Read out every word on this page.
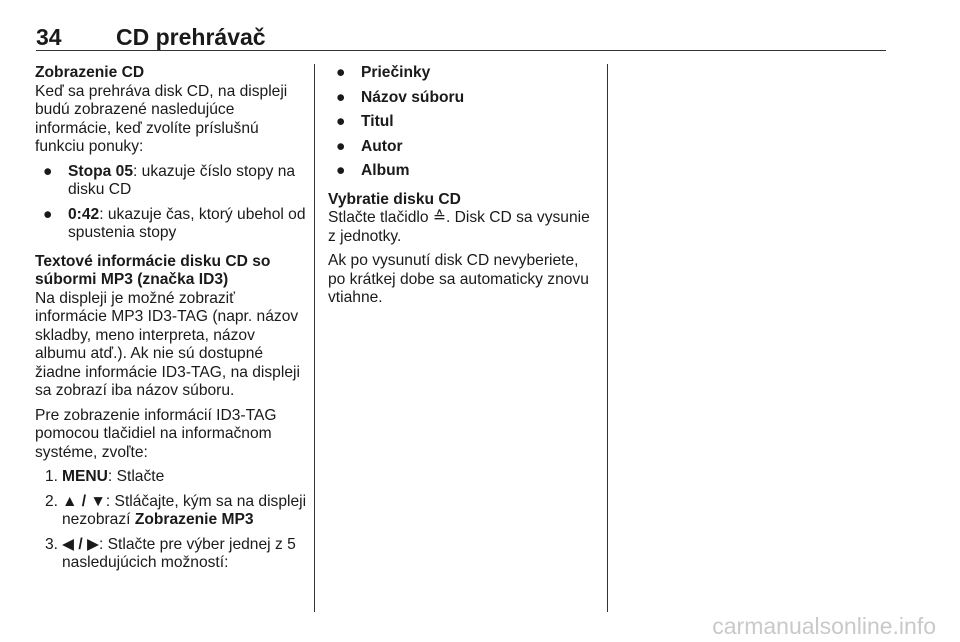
34 CD prehrávač
Zobrazenie CD

Keď sa prehráva disk CD, na displeji budú zobrazené nasledujúce informácie, keď zvolíte príslušnú funkciu ponuky:

● Stopa 05: ukazuje číslo stopy na disku CD
● 0:42: ukazuje čas, ktorý ubehol od spustenia stopy
Textové informácie disku CD so súbormi MP3 (značka ID3)

Na displeji je možné zobraziť informácie MP3 ID3-TAG (napr. názov skladby, meno interpreta, názov albumu atď.). Ak nie sú dostupné žiadne informácie ID3-TAG, na displeji sa zobrazí iba názov súboru.

Pre zobrazenie informácií ID3-TAG pomocou tlačidiel na informačnom systéme, zvoľte:

1. MENU: Stlačte
2. ▲ / ▼: Stláčajte, kým sa na displeji nezobrazí Zobrazenie MP3
3. ◀ / ▶: Stlačte pre výber jednej z 5 nasledujúcich možností:
● Priečinky
● Názov súboru
● Titul
● Autor
● Album
Vybratie disku CD

Stlačte tlačidlo ≙. Disk CD sa vysunie z jednotky.

Ak po vysunutí disk CD nevyberiete, po krátkej dobe sa automaticky znovu vtiahne.

carmanualsonline.info
